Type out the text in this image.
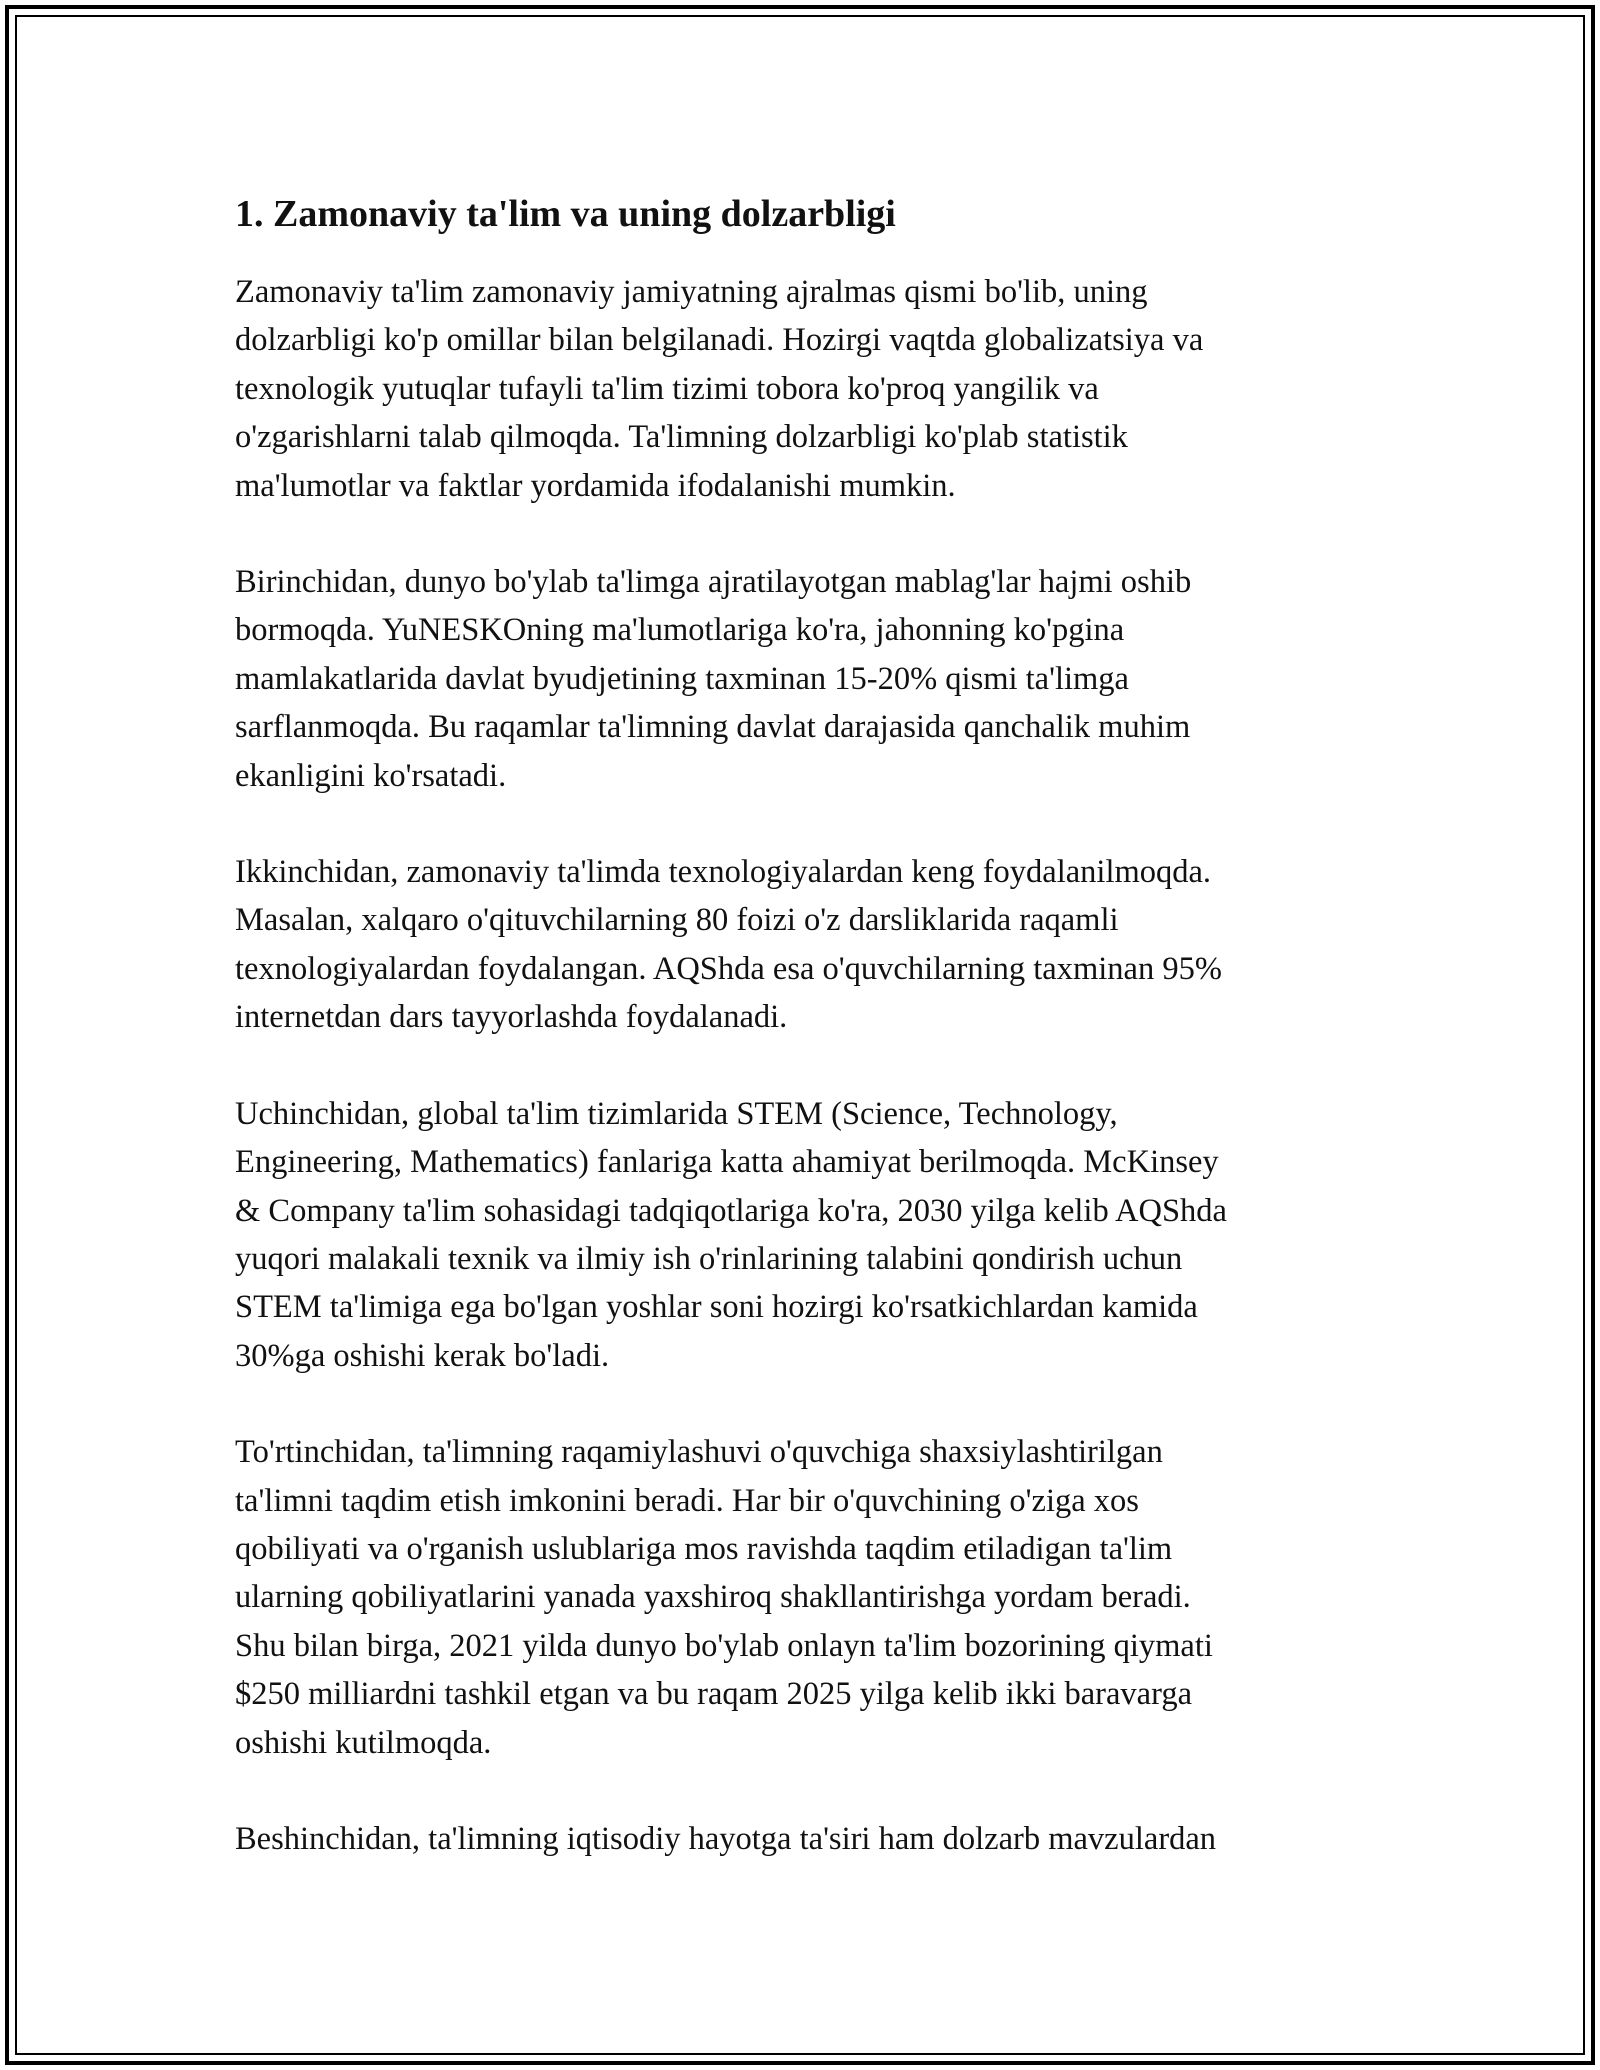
1. Zamonaviy ta'lim va uning dolzarbligi

Zamonaviy ta'lim zamonaviy jamiyatning ajralmas qismi bo'lib, uning
dolzarbligi ko'p omillar bilan belgilanadi. Hozirgi vaqtda globalizatsiya va
texnologik yutuqlar tufayli ta'lim tizimi tobora ko'proq yangilik va
o'zgarishlarni talab qilmoqda. Ta'limning dolzarbligi ko'plab statistik
ma'lumotlar va faktlar yordamida ifodalanishi mumkin.

Birinchidan, dunyo bo'ylab ta'limga ajratilayotgan mablag'lar hajmi oshib
bormoqda. YuNESKOning ma'lumotlariga ko'ra, jahonning ko'pgina
mamlakatlarida davlat byudjetining taxminan 15-20% qismi ta'limga
sarflanmoqda. Bu raqamlar ta'limning davlat darajasida qanchalik muhim
ekanligini ko'rsatadi.

Ikkinchidan, zamonaviy ta'limda texnologiyalardan keng foydalanilmoqda.
Masalan, xalqaro o'qituvchilarning 80 foizi o'z darsliklarida raqamli
texnologiyalardan foydalangan. AQShda esa o'quvchilarning taxminan 95%
internetdan dars tayyorlashda foydalanadi.

Uchinchidan, global ta'lim tizimlarida STEM (Science, Technology,
Engineering, Mathematics) fanlariga katta ahamiyat berilmoqda. McKinsey
& Company ta'lim sohasidagi tadqiqotlariga ko'ra, 2030 yilga kelib AQShda
yuqori malakali texnik va ilmiy ish o'rinlarining talabini qondirish uchun
STEM ta'limiga ega bo'lgan yoshlar soni hozirgi ko'rsatkichlardan kamida
30%ga oshishi kerak bo'ladi.

To'rtinchidan, ta'limning raqamiylashuvi o'quvchiga shaxsiylashtirilgan
ta'limni taqdim etish imkonini beradi. Har bir o'quvchining o'ziga xos
qobiliyati va o'rganish uslublariga mos ravishda taqdim etiladigan ta'lim
ularning qobiliyatlarini yanada yaxshiroq shakllantirishga yordam beradi.
Shu bilan birga, 2021 yilda dunyo bo'ylab onlayn ta'lim bozorining qiymati
$250 milliardni tashkil etgan va bu raqam 2025 yilga kelib ikki baravarga
oshishi kutilmoqda.

Beshinchidan, ta'limning iqtisodiy hayotga ta'siri ham dolzarb mavzulardan
